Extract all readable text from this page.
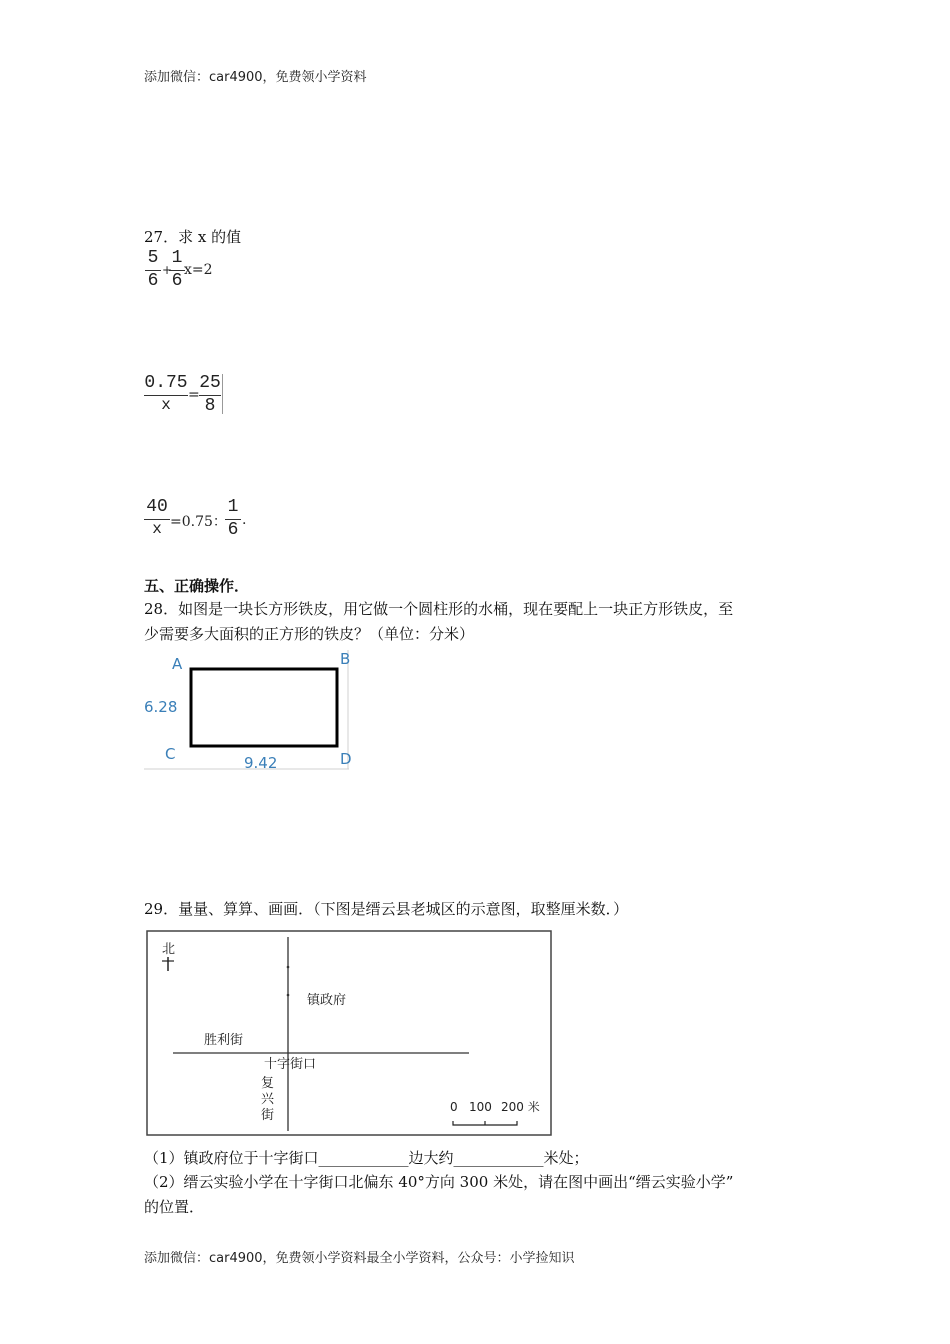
添加微信：car4900，免费领小学资料
27．求 x 的值
5
6
+
1
6
x=2
0.75
x
=
25
8
40
x =0.75：
1
6 .
五、正确操作．
28．如图是一块长方形铁皮，用它做一个圆柱形的水桶，现在要配上一块正方形铁皮，至
少需要多大面积的正方形的铁皮？（单位：分米）
A	B
C	D
6.28
9.42
29．量量、算算、画画．（下图是缙云县老城区的示意图，取整厘米数．）
北
镇政府
胜利街
十字街口
复
兴
街
0 100 200 米
（1）镇政府位于十字街口____________边大约____________米处；
（2）缙云实验小学在十字街口北偏东 40°方向 300 米处，请在图中画出“缙云实验小学”
的位置．
添加微信：car4900，免费领小学资料最全小学资料，公众号：小学捡知识
